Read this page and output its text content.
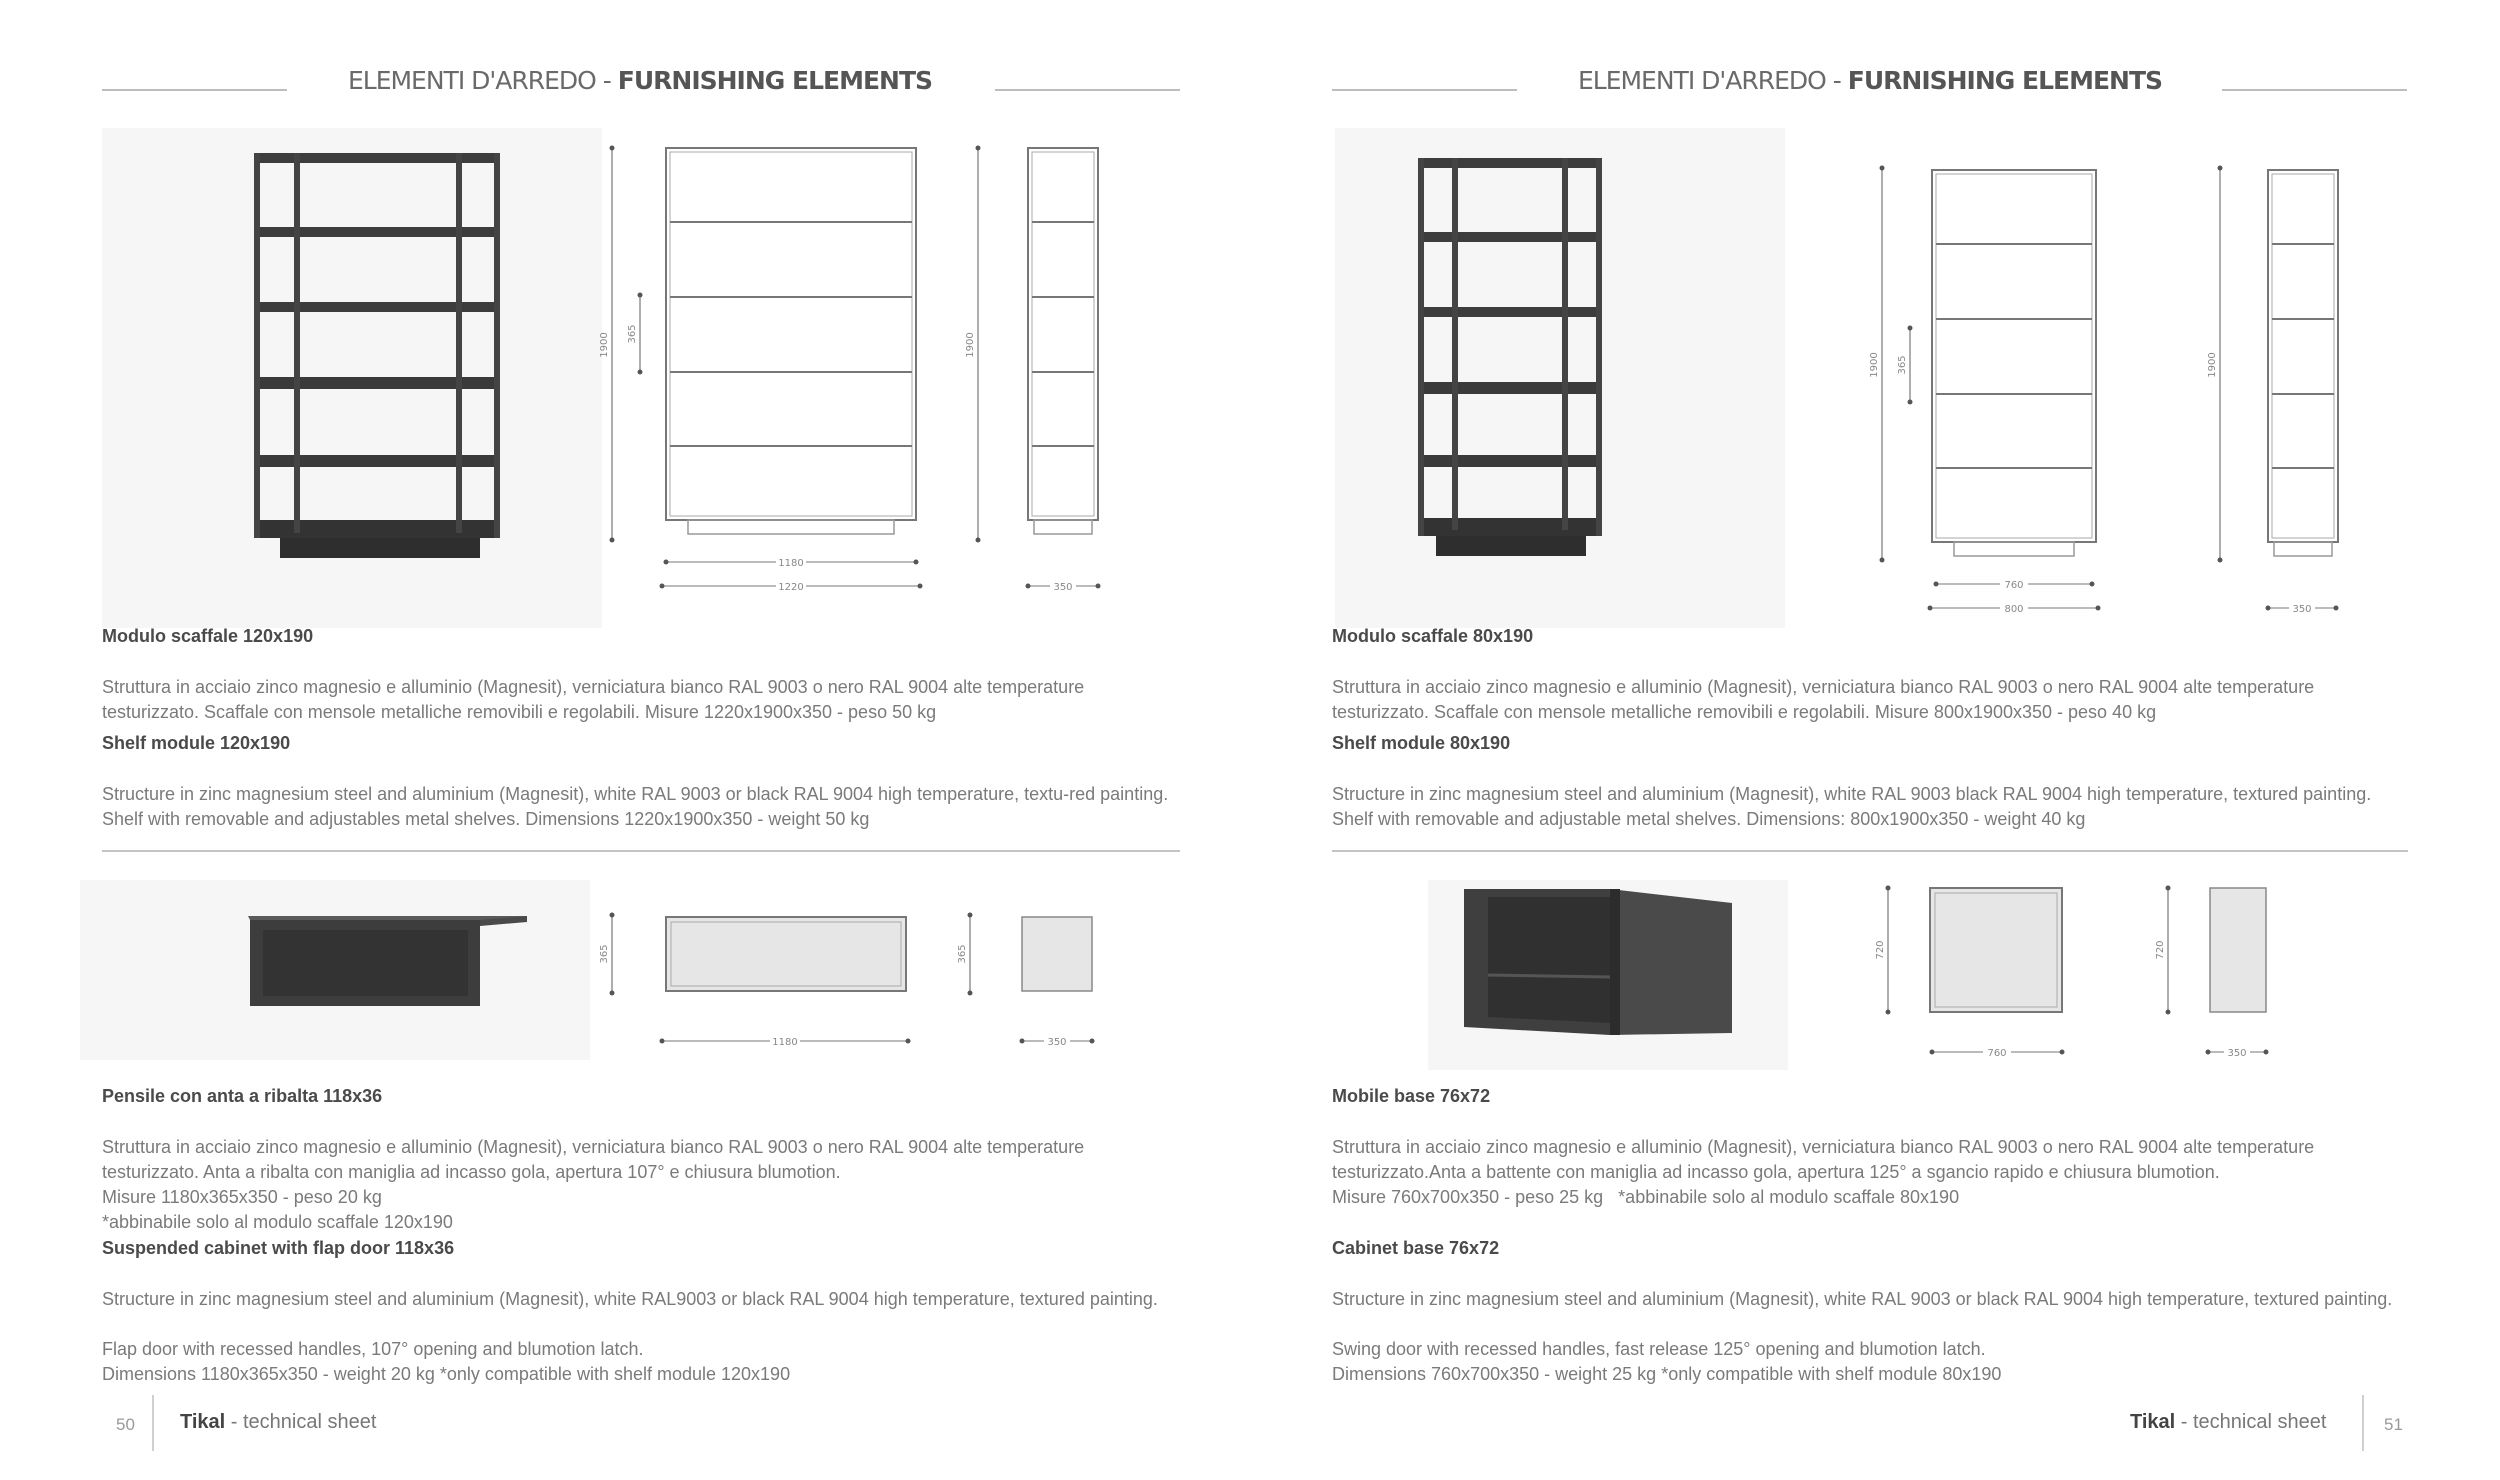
ELEMENTI D'ARREDO - FURNISHING ELEMENTS	ELEMENTI D'ARREDO - FURNISHING ELEMENTS
1900 365
1180
1220
1900
350
Modulo scaffale 120x190
Struttura in acciaio zinco magnesio e alluminio (Magnesit), verniciatura bianco RAL 9003 o nero RAL 9004 alte temperature testurizzato. Scaffale con mensole metalliche removibili e regolabili. Misure 1220x1900x350 - peso 50 kg
Shelf module 120x190
Structure in zinc magnesium steel and aluminium (Magnesit), white RAL 9003 or black RAL 9004 high temperature, textu-red painting. Shelf with removable and adjustables metal shelves. Dimensions 1220x1900x350 - weight 50 kg
365
1180
365
350
Pensile con anta a ribalta 118x36
Struttura in acciaio zinco magnesio e alluminio (Magnesit), verniciatura bianco RAL 9003 o nero RAL 9004 alte temperature testurizzato. Anta a ribalta con maniglia ad incasso gola, apertura 107° e chiusura blumotion.
Misure 1180x365x350 - peso 20 kg
*abbinabile solo al modulo scaffale 120x190
Suspended cabinet with flap door 118x36
Structure in zinc magnesium steel and aluminium (Magnesit), white RAL9003 or black RAL 9004 high temperature, textured painting.
Flap door with recessed handles, 107° opening and blumotion latch.
Dimensions 1180x365x350 - weight 20 kg *only compatible with shelf module 120x190
50 Tikal - technical sheet
1900 365
760
800
1900
350
Modulo scaffale 80x190
Struttura in acciaio zinco magnesio e alluminio (Magnesit), verniciatura bianco RAL 9003 o nero RAL 9004 alte temperature testurizzato. Scaffale con mensole metalliche removibili e regolabili. Misure 800x1900x350 - peso 40 kg
Shelf module 80x190
Structure in zinc magnesium steel and aluminium (Magnesit), white RAL 9003 black RAL 9004 high temperature, textured painting. Shelf with removable and adjustable metal shelves. Dimensions: 800x1900x350 - weight 40 kg
720
760
720
350
Mobile base 76x72
Struttura in acciaio zinco magnesio e alluminio (Magnesit), verniciatura bianco RAL 9003 o nero RAL 9004 alte temperature testurizzato.Anta a battente con maniglia ad incasso gola, apertura 125° a sgancio rapido e chiusura blumotion.
Misure 760x700x350 - peso 25 kg   *abbinabile solo al modulo scaffale 80x190
Cabinet base 76x72
Structure in zinc magnesium steel and aluminium (Magnesit), white RAL 9003 or black RAL 9004 high temperature, textured painting.
Swing door with recessed handles, fast release 125° opening and blumotion latch.
Dimensions 760x700x350 - weight 25 kg *only compatible with shelf module 80x190
Tikal - technical sheet	51
